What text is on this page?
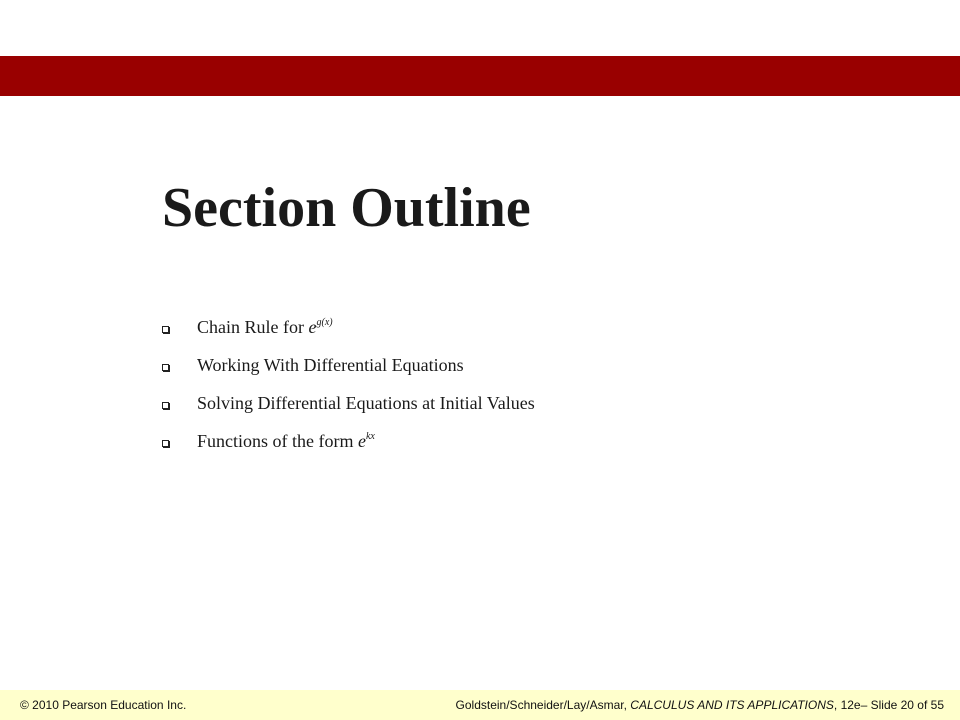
Section Outline
Chain Rule for $e^{g(x)}$
Working With Differential Equations
Solving Differential Equations at Initial Values
Functions of the form $e^{kx}$
© 2010 Pearson Education Inc.	Goldstein/Schneider/Lay/Asmar, CALCULUS AND ITS APPLICATIONS, 12e– Slide 20 of 55
